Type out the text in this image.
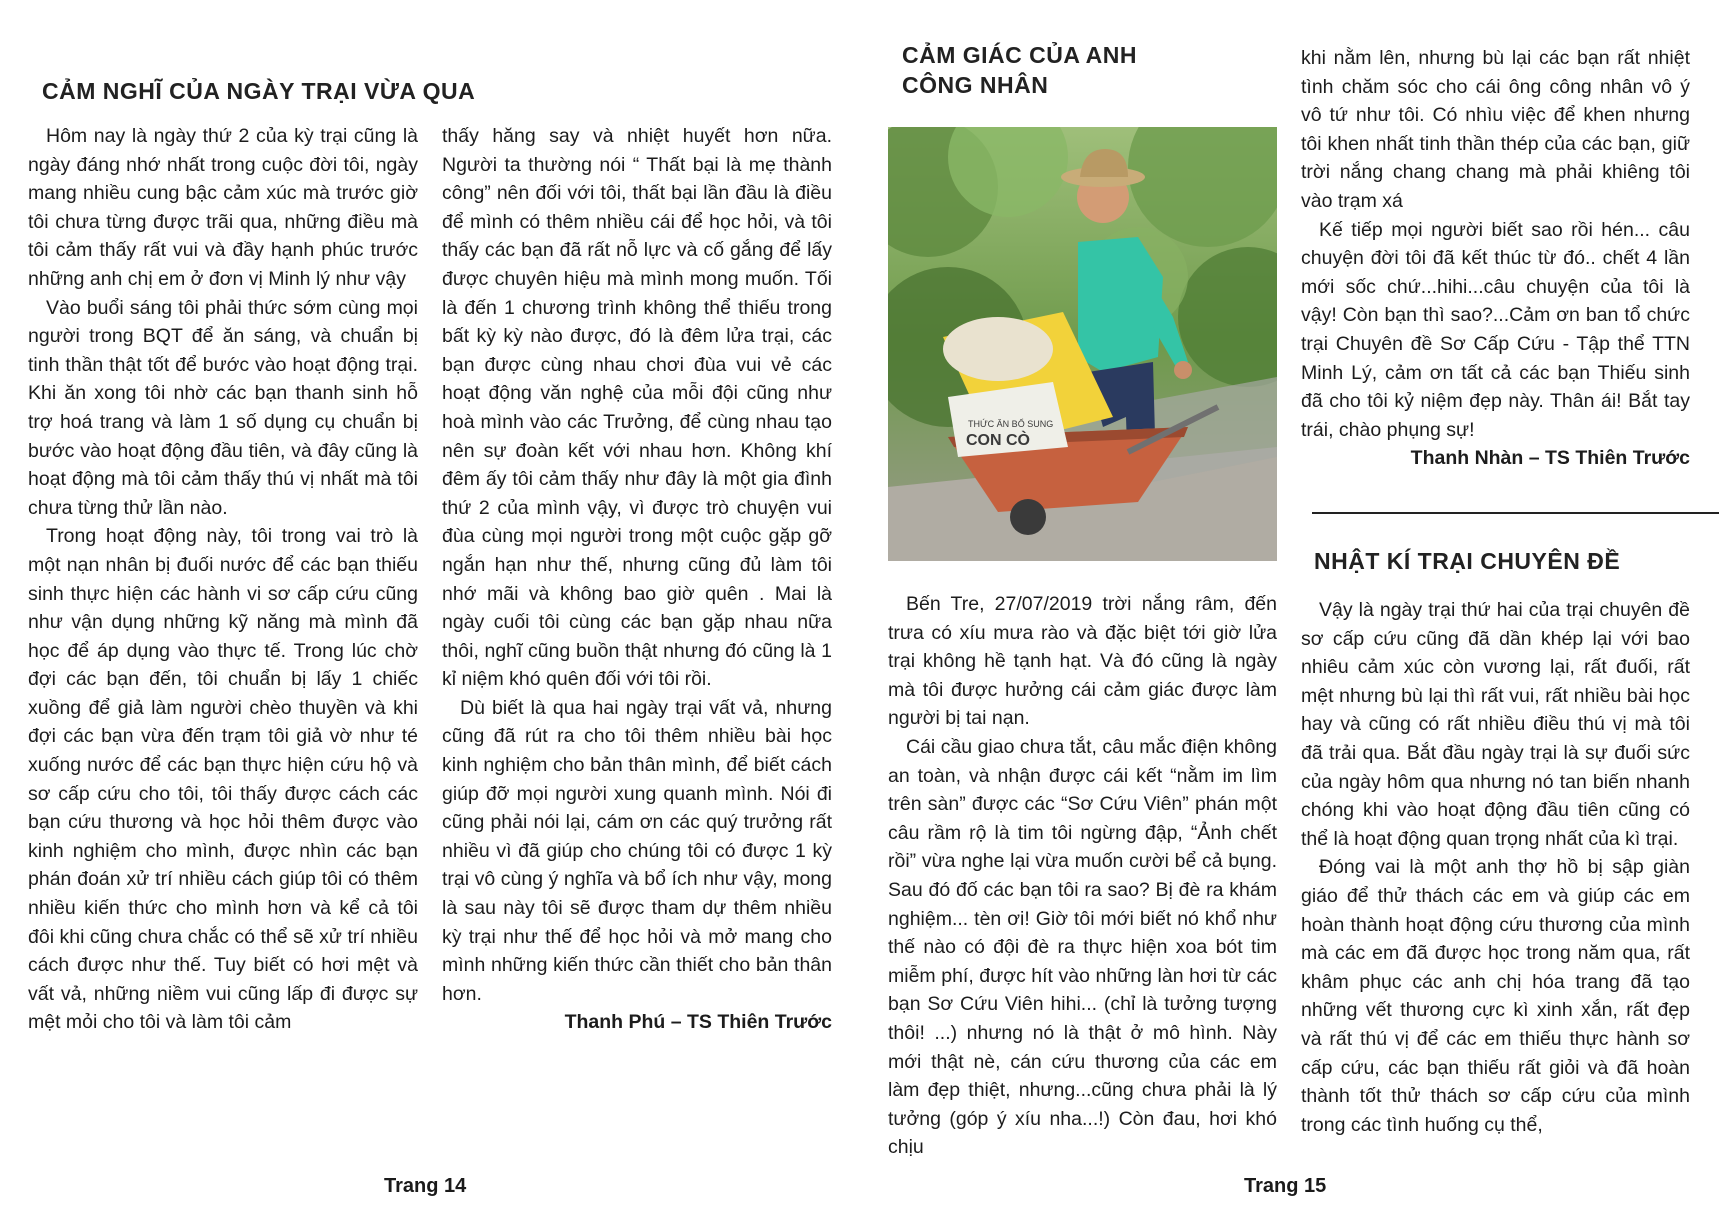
CẢM NGHĨ CỦA NGÀY TRẠI VỪA QUA

Hôm nay là ngày thứ 2 của kỳ trại cũng là ngày đáng nhớ nhất trong cuộc đời tôi, ngày mang nhiều cung bậc cảm xúc mà trước giờ tôi chưa từng được trãi qua, những điều mà tôi cảm thấy rất vui và đầy hạnh phúc trước những anh chị em ở đơn vị Minh lý như vậy

Vào buổi sáng tôi phải thức sớm cùng mọi người trong BQT để ăn sáng, và chuẩn bị tinh thần thật tốt để bước vào hoạt động trại. Khi ăn xong tôi nhờ các bạn thanh sinh hỗ trợ hoá trang và làm 1 số dụng cụ chuẩn bị bước vào hoạt động đầu tiên, và đây cũng là hoạt động mà tôi cảm thấy thú vị nhất mà tôi chưa từng thử lần nào.

Trong hoạt động này, tôi trong vai trò là một nạn nhân bị đuối nước để các bạn thiếu sinh thực hiện các hành vi sơ cấp cứu cũng như vận dụng những kỹ năng mà mình đã học để áp dụng vào thực tế. Trong lúc chờ đợi các bạn đến, tôi chuẩn bị lấy 1 chiếc xuồng để giả làm người chèo thuyền và khi đợi các bạn vừa đến trạm tôi giả vờ như té xuống nước để các bạn thực hiện cứu hộ và sơ cấp cứu cho tôi, tôi thấy được cách các bạn cứu thương và học hỏi thêm được vào kinh nghiệm cho mình, được nhìn các bạn phán đoán xử trí nhiều cách giúp tôi có thêm nhiều kiến thức cho mình hơn và kể cả tôi đôi khi cũng chưa chắc có thể sẽ xử trí nhiều cách được như thế. Tuy biết có hơi mệt và vất vả, những niềm vui cũng lấp đi được sự mệt mỏi cho tôi và làm tôi cảm

thấy hăng say và nhiệt huyết hơn nữa. Người ta thường nói “ Thất bại là mẹ thành công” nên đối với tôi, thất bại lần đầu là điều để mình có thêm nhiều cái để học hỏi, và tôi thấy các bạn đã rất nỗ lực và cố gắng để lấy được chuyên hiệu mà mình mong muốn. Tối là đến 1 chương trình không thể thiếu trong bất kỳ kỳ nào được, đó là đêm lửa trại, các bạn được cùng nhau chơi đùa vui vẻ các hoạt động văn nghệ của mỗi đội cũng như hoà mình vào các Trưởng, để cùng nhau tạo nên sự đoàn kết với nhau hơn. Không khí đêm ấy tôi cảm thấy như đây là một gia đình thứ 2 của mình vậy, vì được trò chuyện vui đùa cùng mọi người trong một cuộc gặp gỡ ngắn hạn như thế, nhưng cũng đủ làm tôi nhớ mãi và không bao giờ quên . Mai là ngày cuối tôi cùng các bạn gặp nhau nữa thôi, nghĩ cũng buồn thật nhưng đó cũng là 1 kỉ niệm khó quên đối với tôi rồi.

Dù biết là qua hai ngày trại vất vả, nhưng cũng đã rút ra cho tôi thêm nhiều bài học kinh nghiệm cho bản thân mình, để biết cách giúp đỡ mọi người xung quanh mình. Nói đi cũng phải nói lại, cám ơn các quý trưởng rất nhiều vì đã giúp cho chúng tôi có được 1 kỳ trại vô cùng ý nghĩa và bổ ích như vậy, mong là sau này tôi sẽ được tham dự thêm nhiều kỳ trại như thế để học hỏi và mở mang cho mình những kiến thức cần thiết cho bản thân hơn.

Thanh Phú – TS Thiên Trước

Trang 14
CẢM GIÁC CỦA ANH
CÔNG NHÂN
THỨC ĂN BỔ SUNG
CON CÒ

Bến Tre, 27/07/2019 trời nắng râm, đến trưa có xíu mưa rào và đặc biệt tới giờ lửa trại không hề tạnh hạt. Và đó cũng là ngày mà tôi được hưởng cái cảm giác được làm người bị tai nạn.

Cái cầu giao chưa tắt, câu mắc điện không an toàn, và nhận được cái kết “nằm im lìm trên sàn” được các “Sơ Cứu Viên” phán một câu rầm rộ là tim tôi ngừng đập, “Ảnh chết rồi” vừa nghe lại vừa muốn cười bể cả bụng. Sau đó đố các bạn tôi ra sao? Bị đè ra khám nghiệm... tèn ơi! Giờ tôi mới biết nó khổ như thế nào có đội đè ra thực hiện xoa bót tim miễm phí, được hít vào những làn hơi từ các bạn Sơ Cứu Viên hihi... (chỉ là tưởng tượng thôi! ...) nhưng nó là thật ở mô hình. Này mới thật nè, cán cứu thương của các em làm đẹp thiệt, nhưng...cũng chưa phải là lý tưởng (góp ý xíu nha...!) Còn đau, hơi khó chịu

khi nằm lên, nhưng bù lại các bạn rất nhiệt tình chăm sóc cho cái ông công nhân vô ý vô tứ như tôi. Có nhìu việc để khen nhưng tôi khen nhất tinh thần thép của các bạn, giữ trời nắng chang chang mà phải khiêng tôi vào trạm xá

Kế tiếp mọi người biết sao rồi hén... câu chuyện đời tôi đã kết thúc từ đó.. chết 4 lần mới sốc chứ...hihi...câu chuyện của tôi là vậy! Còn bạn thì sao?...Cảm ơn ban tổ chức trại Chuyên đề Sơ Cấp Cứu - Tập thể TTN Minh Lý, cảm ơn tất cả các bạn Thiếu sinh đã cho tôi kỷ niệm đẹp này. Thân ái! Bắt tay trái, chào phụng sự!

Thanh Nhàn – TS Thiên Trước

NHẬT KÍ TRẠI CHUYÊN ĐỀ

Vậy là ngày trại thứ hai của trại chuyên đề sơ cấp cứu cũng đã dần khép lại với bao nhiêu cảm xúc còn vương lại, rất đuối, rất mệt nhưng bù lại thì rất vui, rất nhiều bài học hay và cũng có rất nhiều điều thú vị mà tôi đã trải qua. Bắt đầu ngày trại là sự đuối sức của ngày hôm qua nhưng nó tan biến nhanh chóng khi vào hoạt động đầu tiên cũng có thể là hoạt động quan trọng nhất của kì trại.

Đóng vai là một anh thợ hồ bị sập giàn giáo để thử thách các em và giúp các em hoàn thành hoạt động cứu thương của mình mà các em đã được học trong năm qua, rất khâm phục các anh chị hóa trang đã tạo những vết thương cực kì xinh xắn, rất đẹp và rất thú vị để các em thiếu thực hành sơ cấp cứu, các bạn thiếu rất giỏi và đã hoàn thành tốt thử thách sơ cấp cứu của mình trong các tình huống cụ thể,

Trang 15
